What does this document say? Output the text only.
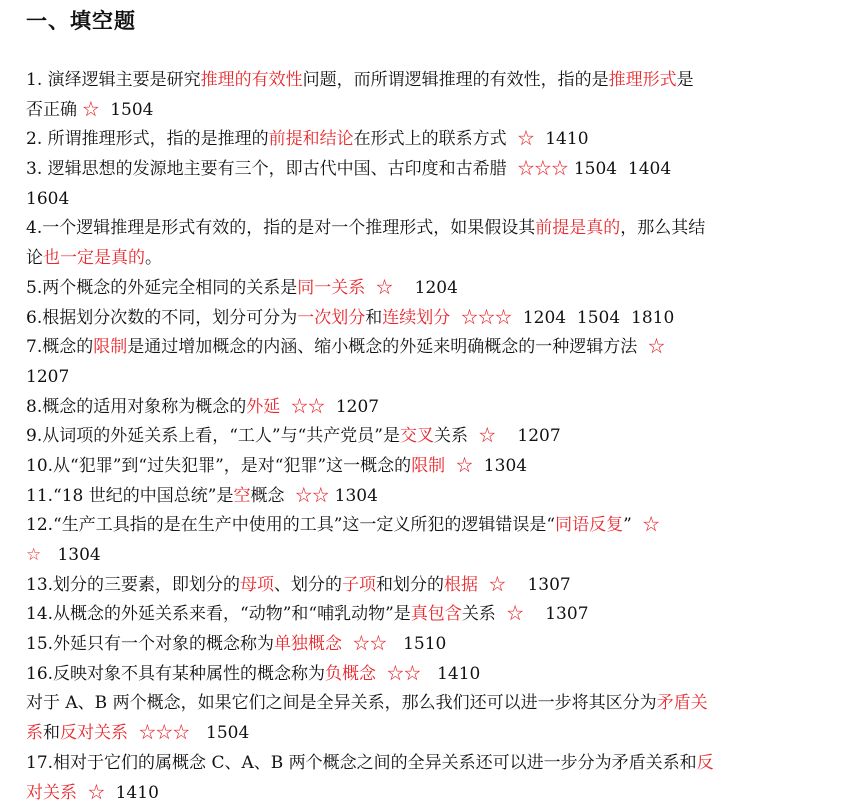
一、填空题
1. 演绎逻辑主要是研究推理的有效性问题，而所谓逻辑推理的有效性，指的是推理形式是
否正确 ☆  1504
2. 所谓推理形式，指的是推理的前提和结论在形式上的联系方式  ☆  1410
3. 逻辑思想的发源地主要有三个，即古代中国、古印度和古希腊  ☆☆☆ 1504  1404
1604
4.一个逻辑推理是形式有效的，指的是对一个推理形式，如果假设其前提是真的，那么其结
论也一定是真的。
5.两个概念的外延完全相同的关系是同一关系 ☆    1204
6.根据划分次数的不同，划分可分为一次划分和连续划分 ☆☆☆  1204  1504  1810
7.概念的限制是通过增加概念的内涵、缩小概念的外延来明确概念的一种逻辑方法  ☆
1207
8.概念的适用对象称为概念的外延 ☆☆  1207
9.从词项的外延关系上看，“工人”与“共产党员”是交叉关系  ☆    1207
10.从“犯罪”到“过失犯罪”，是对“犯罪”这一概念的限制 ☆  1304
11.“18 世纪的中国总统”是空概念  ☆☆ 1304
12.“生产工具指的是在生产中使用的工具”这一定义所犯的逻辑错误是“同语反复”  ☆
☆   1304
13.划分的三要素，即划分的母项、划分的子项和划分的根据 ☆    1307
14.从概念的外延关系来看，“动物”和“哺乳动物”是真包含关系  ☆    1307
15.外延只有一个对象的概念称为单独概念 ☆☆   1510
16.反映对象不具有某种属性的概念称为负概念 ☆☆   1410
对于 A、B 两个概念，如果它们之间是全异关系，那么我们还可以进一步将其区分为矛盾关
系和反对关系 ☆☆☆   1504
17.相对于它们的属概念 C、A、B 两个概念之间的全异关系还可以进一步分为矛盾关系和反
对关系 ☆  1410
